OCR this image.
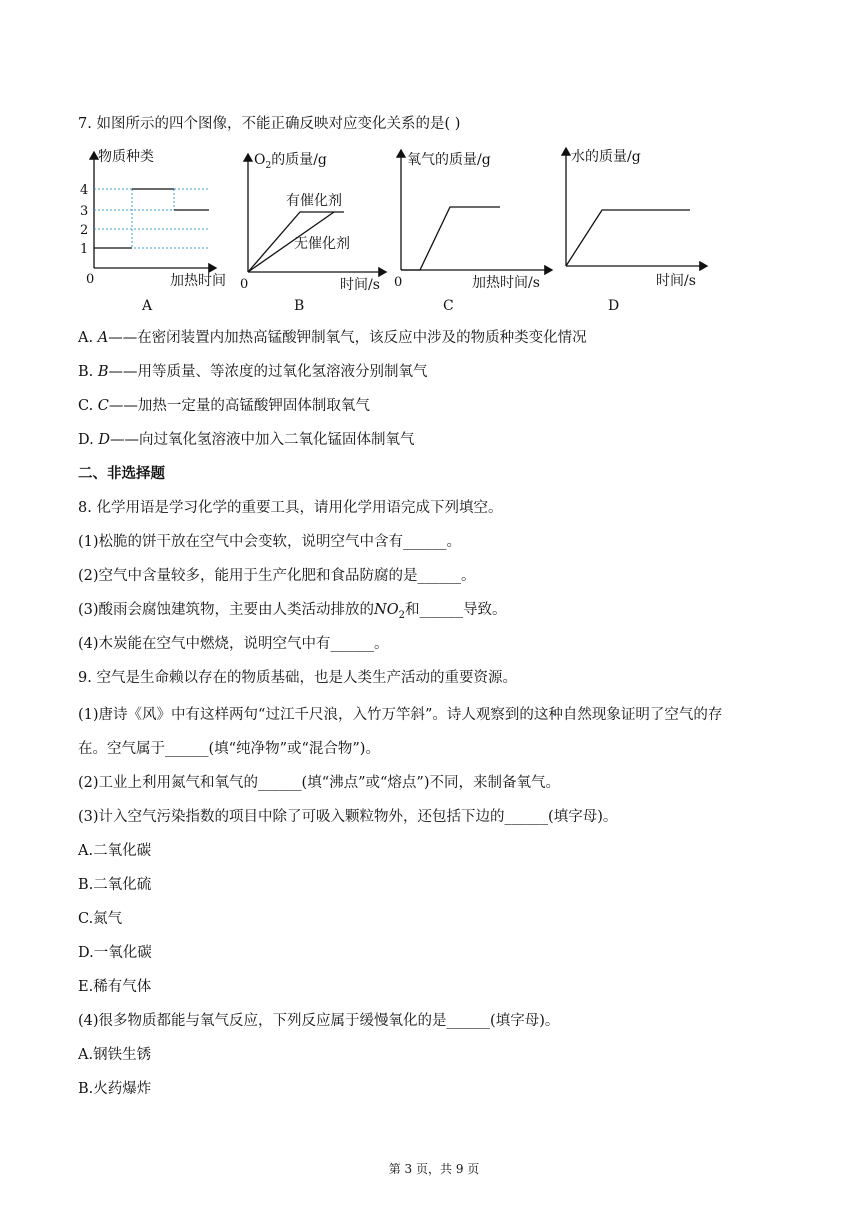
7. 如图所示的四个图像，不能正确反映对应变化关系的是( )
物质种类
4
3
2
1
0	加热时间
A
$O_2$的质量/g
有催化剂
无催化剂
0	时间/s
B
氧气的质量/g
0	加热时间/s
C
水的质量/g
时间/s
D
A. A——在密闭装置内加热高锰酸钾制氧气，该反应中涉及的物质种类变化情况
B. B——用等质量、等浓度的过氧化氢溶液分别制氧气
C. C——加热一定量的高锰酸钾固体制取氧气
D. D——向过氧化氢溶液中加入二氧化锰固体制氧气
二、非选择题
8. 化学用语是学习化学的重要工具，请用化学用语完成下列填空。
(1)松脆的饼干放在空气中会变软，说明空气中含有______。
(2)空气中含量较多，能用于生产化肥和食品防腐的是______。
(3)酸雨会腐蚀建筑物，主要由人类活动排放的$NO_2$和______导致。
(4)木炭能在空气中燃烧，说明空气中有______。
9. 空气是生命赖以存在的物质基础，也是人类生产活动的重要资源。
(1)唐诗《风》中有这样两句“过江千尺浪，入竹万竿斜”。诗人观察到的这种自然现象证明了空气的存
在。空气属于______(填“纯净物”或“混合物”)。
(2)工业上利用氮气和氧气的______(填“沸点”或“熔点”)不同，来制备氧气。
(3)计入空气污染指数的项目中除了可吸入颗粒物外，还包括下边的______(填字母)。
A.二氧化碳
B.二氧化硫
C.氮气
D.一氧化碳
E.稀有气体
(4)很多物质都能与氧气反应，下列反应属于缓慢氧化的是______(填字母)。
A.钢铁生锈
B.火药爆炸
第 3 页，共 9 页
